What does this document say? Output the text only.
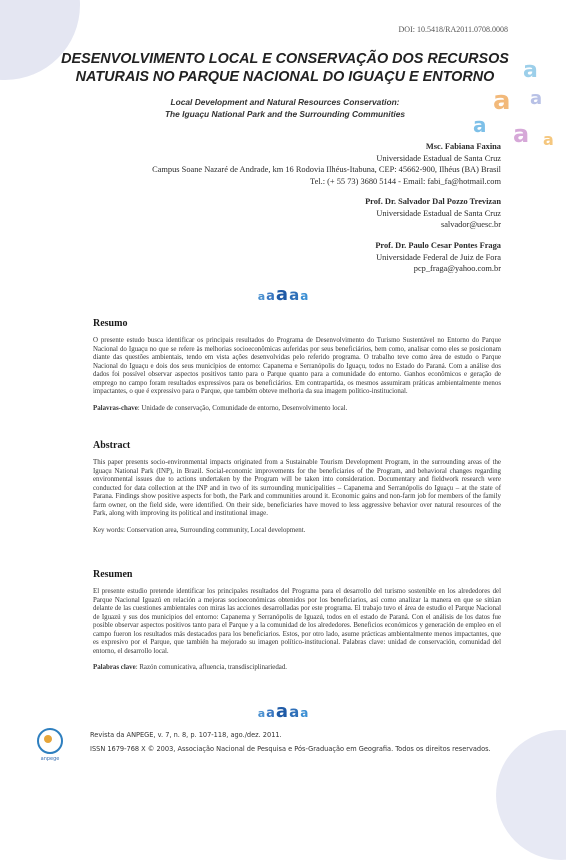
DOI: 10.5418/RA2011.0708.0008
DESENVOLVIMENTO LOCAL E CONSERVAÇÃO DOS RECURSOS NATURAIS NO PARQUE NACIONAL DO IGUAÇU E ENTORNO
Local Development and Natural Resources Conservation:
The Iguaçu National Park and the Surrounding Communities
a
a a
a a a
Msc. Fabiana Faxina
Universidade Estadual de Santa Cruz
Campus Soane Nazaré de Andrade, km 16 Rodovia Ilhéus-Itabuna, CEP: 45662-900, Ilhéus (BA) Brasil
Tel.: (+ 55 73) 3680 5144 - Email: fabi_fa@hotmail.com
Prof. Dr. Salvador Dal Pozzo Trevizan
Universidade Estadual de Santa Cruz
salvador@uesc.br
Prof. Dr. Paulo Cesar Pontes Fraga
Universidade Federal de Juiz de Fora
pcp_fraga@yahoo.com.br
aaaaa
Resumo

O presente estudo busca identificar os principais resultados do Programa de Desenvolvimento do Turismo Sustentável no Entorno do Parque Nacional do Iguaçu no que se refere às melhorias socioeconômicas auferidas por seus beneficiários, bem como, analisar como eles se posicionam diante das questões ambientais, tendo em vista ações desenvolvidas pelo referido programa. O trabalho teve como área de estudo o Parque Nacional do Iguaçu e dois dos seus municípios de entorno: Capanema e Serranópolis do Iguaçu, todos no Estado do Paraná. Com a análise dos dados foi possível observar aspectos positivos tanto para o Parque quanto para a comunidade do entorno. Ganhos econômicos e geração de emprego no campo foram resultados expressivos para os beneficiários. Em contrapartida, os mesmos assumiram práticas ambientalmente menos impactantes, o que é expressivo para o Parque, que também obteve melhoria da sua imagem político-institucional.

Palavras-chave: Unidade de conservação, Comunidade de entorno, Desenvolvimento local.

Abstract

This paper presents socio-environmental impacts originated from a Sustainable Tourism Development Program, in the surrounding areas of the Iguaçu National Park (INP), in Brazil. Social-economic improvements for the beneficiaries of the Program, and behavioral changes regarding environmental issues due to actions undertaken by the Program will be taken into consideration. Documentary and fieldwork research were conducted for data collection at the INP and in two of its surrounding municipalities – Capanema and Serranópolis do Iguaçu – at the state of Parana. Findings show positive aspects for both, the Park and communities around it. Economic gains and non-farm job for members of the family farm owner, on the field side, were identified. On their side, beneficiaries have moved to less aggressive behavior over natural resources of the Park, along with improving its political and institutional image.

Key words: Conservation area, Surrounding community, Local development.

Resumen

El presente estudio pretende identificar los principales resultados del Programa para el desarrollo del turismo sostenible en los alrededores del Parque Nacional Iguazú en relación a mejoras socioeconómicas obtenidos por los beneficiarios, así como analizar la manera en que se sitúan delante de las cuestiones ambientales con miras las acciones desarrolladas por este programa. El trabajo tuvo el área de estudio el Parque Nacional de Iguazú y sus dos municipios del entorno: Capanema y Serranópolis de Iguazú, todos en el estado de Paraná. Con el análisis de los datos fue posible observar aspectos positivos tanto para el Parque y a la comunidad de los alrededores. Beneficios económicos y generación de empleo en el campo fueron los resultados más destacados para los beneficiarios. Estos, por otro lado, asume prácticas ambientalmente menos impactantes, que es expresivo por el Parque, que también ha mejorado su imagen político-institucional. Palabras clave: unidad de conservación, comunidad del entorno, el desarrollo local.

Palabras clave: Razón comunicativa, afluencia, transdisciplinariedad.

aaaaa
anpege
Revista da ANPEGE, v. 7, n. 8, p. 107-118, ago./dez. 2011.
ISSN 1679-768 X © 2003, Associação Nacional de Pesquisa e Pós-Graduação em Geografia. Todos os direitos reservados.
